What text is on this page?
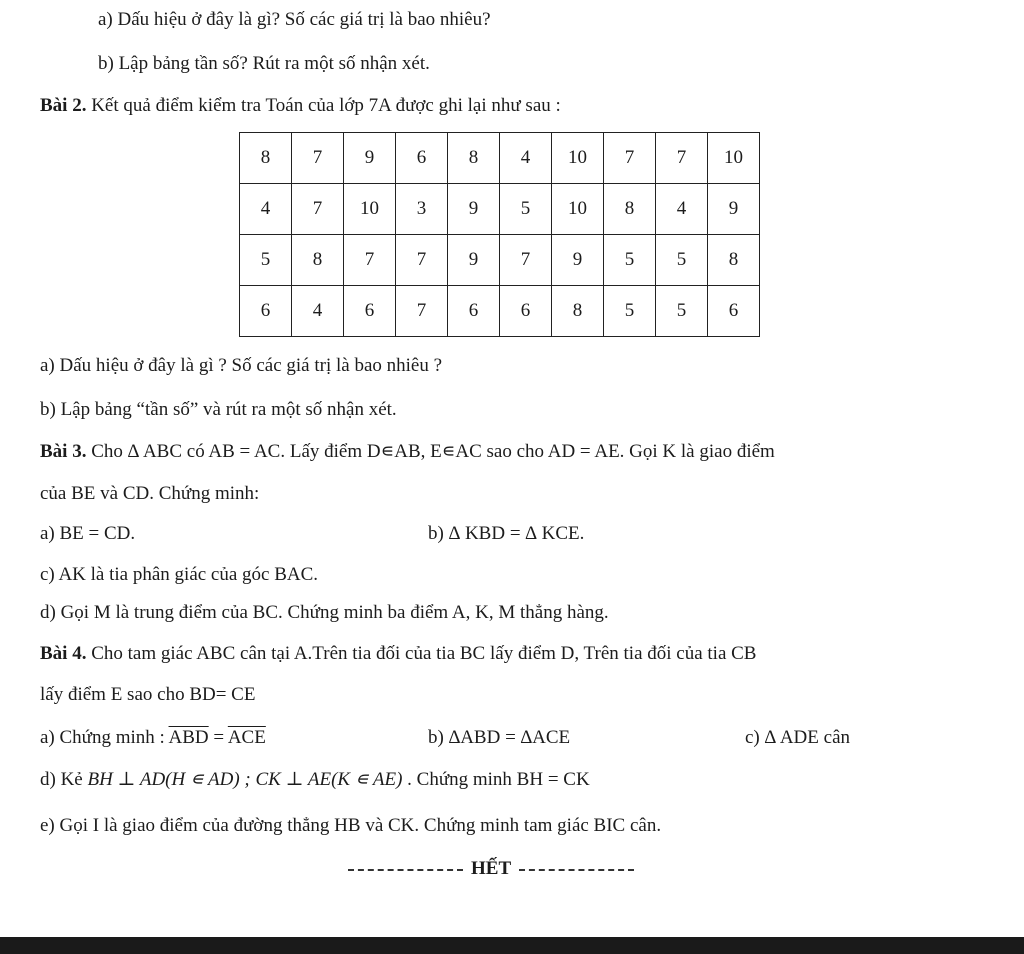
a) Dấu hiệu ở đây là gì? Số các giá trị là bao nhiêu?
b) Lập bảng tần số? Rút ra một số nhận xét.
Bài 2. Kết quả điểm kiểm tra Toán của lớp 7A được ghi lại như sau :
8	7	9	6	8	4	10	7	7	10
4	7	10	3	9	5	10	8	4	9
5	8	7	7	9	7	9	5	5	8
6	4	6	7	6	6	8	5	5	6
a) Dấu hiệu ở đây là gì ? Số các giá trị là bao nhiêu ?
b) Lập bảng “tần số” và rút ra một số nhận xét.
Bài 3. Cho ∆ ABC có AB = AC. Lấy điểm D∊AB, E∊AC sao cho AD = AE. Gọi K là giao điểm
của BE và CD. Chứng minh:
a) BE = CD.	b) ∆ KBD = ∆ KCE.
c) AK là tia phân giác của góc BAC.
d) Gọi M là trung điểm của BC. Chứng minh ba điểm A, K, M thẳng hàng.
Bài 4. Cho tam giác ABC cân tại A.Trên tia đối của tia BC lấy điểm D, Trên tia đối của tia CB
lấy điểm E sao cho BD= CE
a) Chứng minh : $\overline{ABD} = \overline{ACE}$	b) ∆ABD = ∆ACE	c) ∆ ADE cân
d) Kẻ BH ⊥ AD(H ∊ AD) ; CK ⊥ AE(K ∊ AE) . Chứng minh BH = CK
e) Gọi I là giao điểm của đường thẳng HB và CK. Chứng minh tam giác BIC cân.
HẾT
